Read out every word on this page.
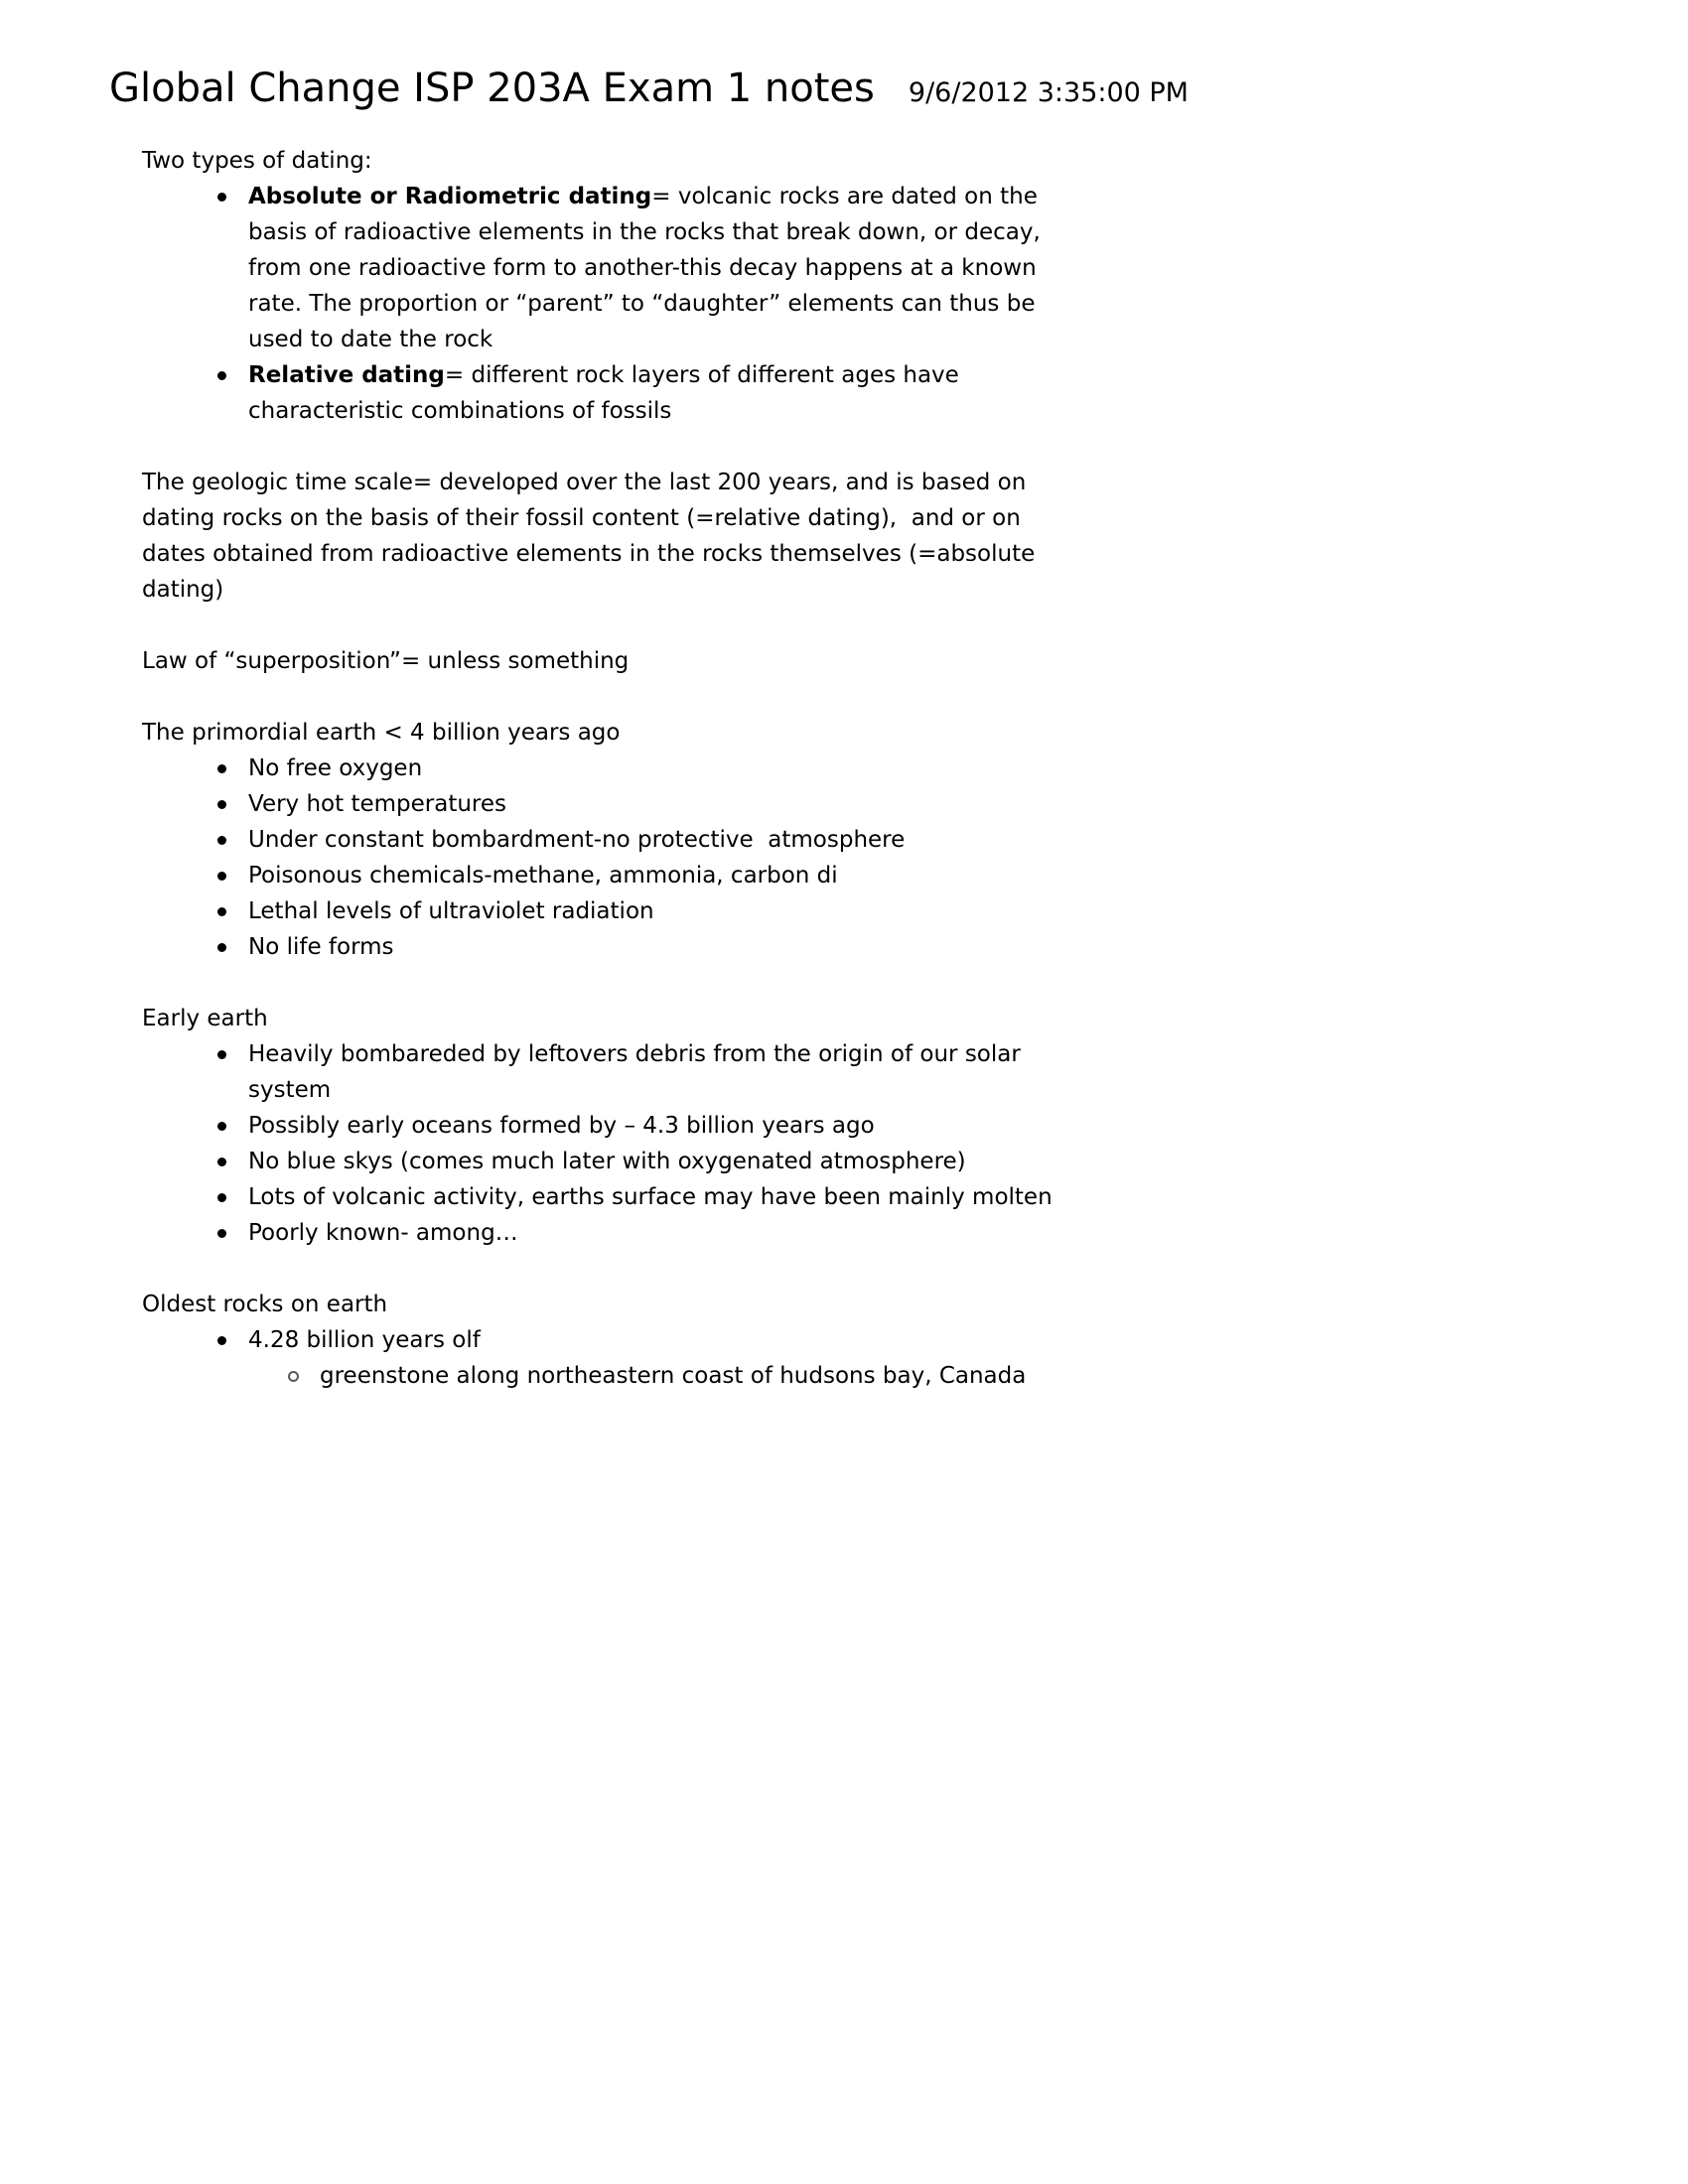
Global Change ISP 203A Exam 1 notes 9/6/2012 3:35:00 PM

Two types of dating:

Absolute or Radiometric dating= volcanic rocks are dated on the basis of radioactive elements in the rocks that break down, or decay, from one radioactive form to another-this decay happens at a known rate. The proportion or “parent” to “daughter” elements can thus be used to date the rock
Relative dating= different rock layers of different ages have characteristic combinations of fossils

The geologic time scale= developed over the last 200 years, and is based on dating rocks on the basis of their fossil content (=relative dating),  and or on dates obtained from radioactive elements in the rocks themselves (=absolute dating)

Law of “superposition”= unless something

The primordial earth < 4 billion years ago

No free oxygen
Very hot temperatures
Under constant bombardment-no protective  atmosphere
Poisonous chemicals-methane, ammonia, carbon di
Lethal levels of ultraviolet radiation
No life forms

Early earth

Heavily bombareded by leftovers debris from the origin of our solar system
Possibly early oceans formed by – 4.3 billion years ago
No blue skys (comes much later with oxygenated atmosphere)
Lots of volcanic activity, earths surface may have been mainly molten
Poorly known- among…

Oldest rocks on earth

4.28 billion years olf
greenstone along northeastern coast of hudsons bay, Canada
